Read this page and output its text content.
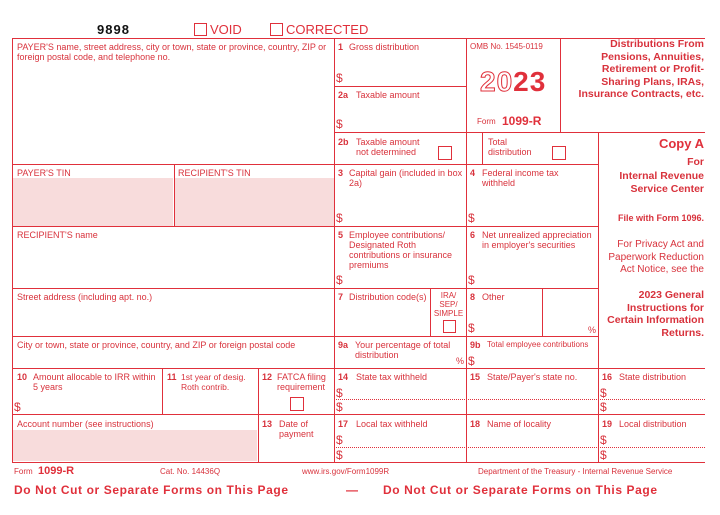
9898	VOID	CORRECTED
PAYER'S name, street address, city or town, state or province, country, ZIP or foreign postal code, and telephone no.
PAYER'S TIN	RECIPIENT'S TIN
RECIPIENT'S name
Street address (including apt. no.)
City or town, state or province, country, and ZIP or foreign postal code
10 Amount allocable to IRR within 5 years
$
11 1st year of desig. Roth contrib.
12 FATCA filing requirement
Account number (see instructions)	13 Date of payment
1 Gross distribution
$
2a Taxable amount
$
2b Taxable amount not determined
Total distribution
OMB No. 1545-0119
2023
Form 1099-R
3 Capital gain (included in box 2a)
$
4 Federal income tax withheld
$
5 Employee contributions/ Designated Roth contributions or insurance premiums
$
6 Net unrealized appreciation in employer's securities
$
7 Distribution code(s)	IRA/ SEP/ SIMPLE
8 Other
$	%
9a Your percentage of total distribution
%
9b Total employee contributions
$
14 State tax withheld
$
$
15 State/Payer's state no.	16 State distribution
$
$
17 Local tax withheld
$
$
18 Name of locality	19 Local distribution
$
$
Distributions From Pensions, Annuities, Retirement or Profit-Sharing Plans, IRAs, Insurance Contracts, etc.
Copy A
For
Internal Revenue Service Center
File with Form 1096.
For Privacy Act and Paperwork Reduction Act Notice, see the
2023 General Instructions for Certain Information Returns.
Form 1099-R	Cat. No. 14436Q	www.irs.gov/Form1099R	Department of the Treasury - Internal Revenue Service
Do Not Cut or Separate Forms on This Page	— Do Not Cut or Separate Forms on This Page
